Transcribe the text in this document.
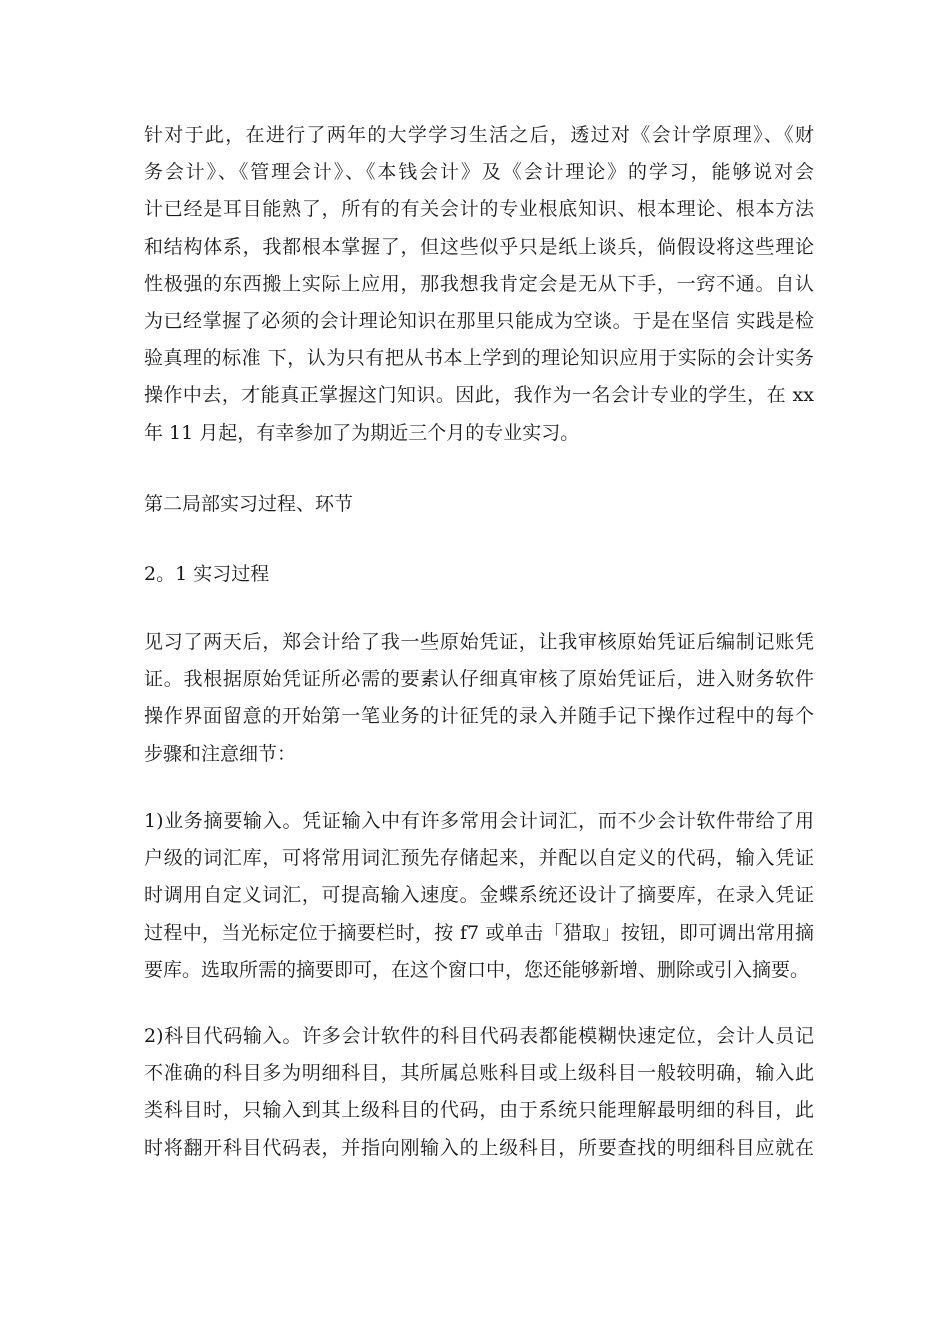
针对于此，在进行了两年的大学学习生活之后，透过对《会计学原理》、《财
务会计》、《管理会计》、《本钱会计》及《会计理论》的学习，能够说对会
计已经是耳目能熟了，所有的有关会计的专业根底知识、根本理论、根本方法
和结构体系，我都根本掌握了，但这些似乎只是纸上谈兵，倘假设将这些理论
性极强的东西搬上实际上应用，那我想我肯定会是无从下手，一窍不通。自认
为已经掌握了必须的会计理论知识在那里只能成为空谈。于是在坚信 实践是检
验真理的标准 下，认为只有把从书本上学到的理论知识应用于实际的会计实务
操作中去，才能真正掌握这门知识。因此，我作为一名会计专业的学生，在 xx
年 11 月起，有幸参加了为期近三个月的专业实习。
第二局部实习过程、环节
2。1 实习过程
见习了两天后，郑会计给了我一些原始凭证，让我审核原始凭证后编制记账凭
证。我根据原始凭证所必需的要素认仔细真审核了原始凭证后，进入财务软件
操作界面留意的开始第一笔业务的计征凭的录入并随手记下操作过程中的每个
步骤和注意细节：
1)业务摘要输入。凭证输入中有许多常用会计词汇，而不少会计软件带给了用
户级的词汇库，可将常用词汇预先存储起来，并配以自定义的代码，输入凭证
时调用自定义词汇，可提高输入速度。金蝶系统还设计了摘要库，在录入凭证
过程中，当光标定位于摘要栏时，按 f7 或单击「猎取」按钮，即可调出常用摘
要库。选取所需的摘要即可，在这个窗口中，您还能够新增、删除或引入摘要。
2)科目代码输入。许多会计软件的科目代码表都能模糊快速定位，会计人员记
不准确的科目多为明细科目，其所属总账科目或上级科目一般较明确，输入此
类科目时，只输入到其上级科目的代码，由于系统只能理解最明细的科目，此
时将翻开科目代码表，并指向刚输入的上级科目，所要查找的明细科目应就在
